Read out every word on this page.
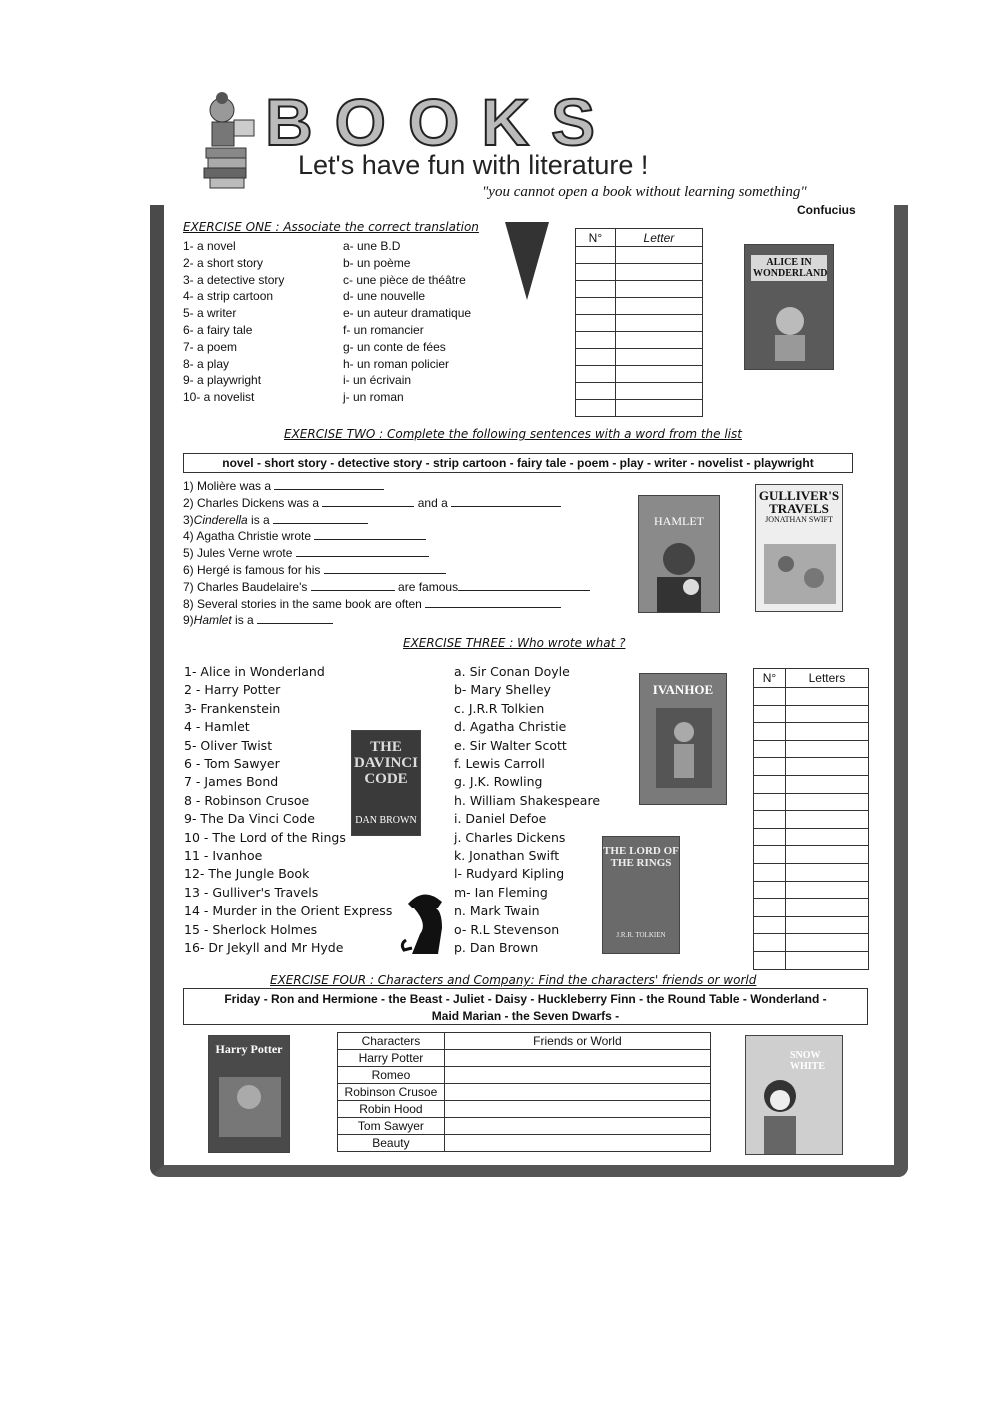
BOOKS
Let's have fun with literature !
"you cannot open a book without learning something"
Confucius
EXERCISE ONE : Associate the correct translation
1- a novel
2- a short story
3- a detective story
4- a strip cartoon
5- a writer
6- a fairy tale
7- a poem
8- a play
9- a playwright
10- a novelist
a- une B.D
b- un poème
c- une pièce de théâtre
d- une nouvelle
e- un auteur dramatique
f- un romancier
g- un conte de fées
h- un roman policier
i- un écrivain
j- un roman
N°	Letter

ALICE IN WONDERLAND
EXERCISE TWO : Complete the following sentences with a word from the list
novel - short story - detective story - strip cartoon - fairy tale - poem - play - writer - novelist - playwright
1) Molière was a
2) Charles Dickens was a	and a
3)Cinderella is a
4) Agatha Christie wrote
5) Jules Verne wrote
6) Hergé is famous for his
7) Charles Baudelaire's	are famous
8) Several stories in the same book are often
9)Hamlet is a
HAMLET
GULLIVER'S TRAVELS
JONATHAN SWIFT
EXERCISE THREE : Who wrote what ?
1- Alice in Wonderland
2 - Harry Potter
3- Frankenstein
4 - Hamlet
5- Oliver Twist
6 - Tom Sawyer
7 - James Bond
8 - Robinson Crusoe
9- The Da Vinci Code
10 - The Lord of the Rings
11 - Ivanhoe
12- The Jungle Book
13 - Gulliver's Travels
14 - Murder in the Orient Express
15 - Sherlock Holmes
16- Dr Jekyll and Mr Hyde
a. Sir Conan Doyle
b- Mary Shelley
c. J.R.R Tolkien
d. Agatha Christie
e. Sir Walter Scott
f. Lewis Carroll
g. J.K. Rowling
h. William Shakespeare
i. Daniel Defoe
j. Charles Dickens
k. Jonathan Swift
l- Rudyard Kipling
m- Ian Fleming
n. Mark Twain
o- R.L Stevenson
p. Dan Brown
N°	Letters

THE DAVINCI CODE
DAN BROWN
IVANHOE
THE LORD OF THE RINGS
J.R.R. TOLKIEN
EXERCISE FOUR : Characters and Company: Find the characters' friends or world
Friday - Ron and Hermione - the Beast - Juliet - Daisy - Huckleberry Finn - the Round Table - Wonderland -
Maid Marian - the Seven Dwarfs -
Characters	Friends or World
Harry Potter	
Romeo	
Robinson Crusoe	
Robin Hood	
Tom Sawyer	
Beauty	
Harry Potter	SNOW WHITE
